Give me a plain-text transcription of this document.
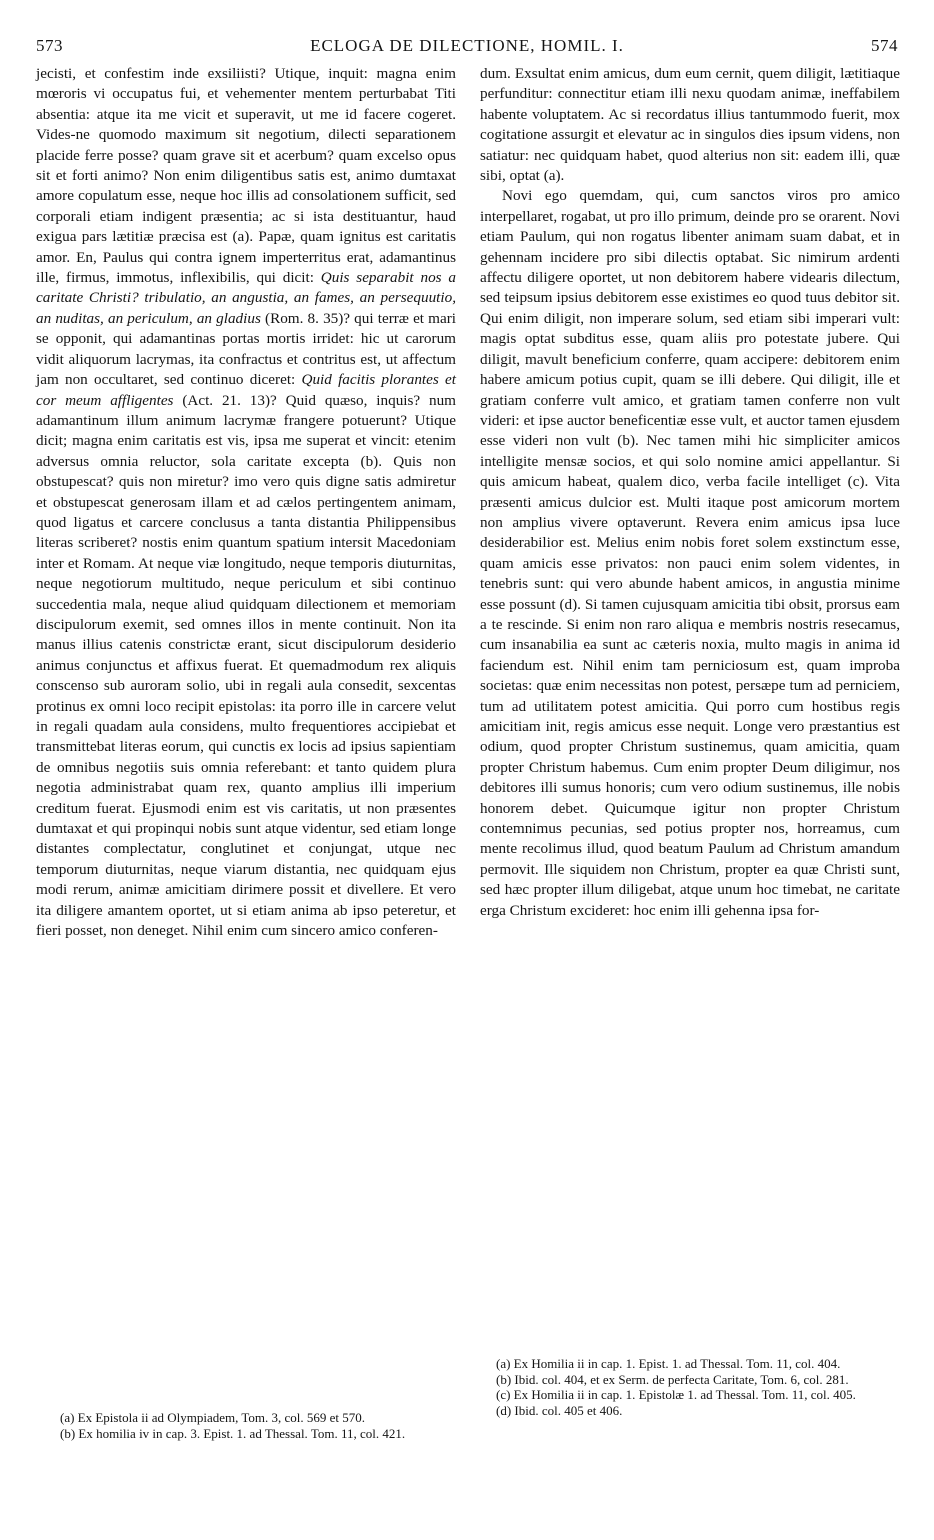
573	ECLOGA DE DILECTIONE, HOMIL. I.	574

jecisti, et confestim inde exsiliisti? Utique, inquit: magna enim mœroris vi occupatus fui, et vehementer mentem perturbabat Titi absentia: atque ita me vicit et superavit, ut me id facere cogeret. Vides-ne quomodo maximum sit negotium, dilecti separationem placide ferre posse? quam grave sit et acerbum? quam excelso opus sit et forti animo? Non enim diligentibus satis est, animo dumtaxat amore copulatum esse, neque hoc illis ad consolationem sufficit, sed corporali etiam indigent præsentia; ac si ista destituantur, haud exigua pars lætitiæ præcisa est (a). Papæ, quam ignitus est caritatis amor. En, Paulus qui contra ignem imperterritus erat, adamantinus ille, firmus, immotus, inflexibilis, qui dicit: Quis separabit nos a caritate Christi? tribulatio, an angustia, an fames, an persequutio, an nuditas, an periculum, an gladius (Rom. 8. 35)? qui terræ et mari se opponit, qui adamantinas portas mortis irridet: hic ut carorum vidit aliquorum lacrymas, ita confractus et contritus est, ut affectum jam non occultaret, sed continuo diceret: Quid facitis plorantes et cor meum affligentes (Act. 21. 13)? Quid quæso, inquis? num adamantinum illum animum lacrymæ frangere potuerunt? Utique dicit; magna enim caritatis est vis, ipsa me superat et vincit: etenim adversus omnia reluctor, sola caritate excepta (b). Quis non obstupescat? quis non miretur? imo vero quis digne satis admiretur et obstupescat generosam illam et ad cælos pertingentem animam, quod ligatus et carcere conclusus a tanta distantia Philippensibus literas scriberet? nostis enim quantum spatium intersit Macedoniam inter et Romam. At neque viæ longitudo, neque temporis diuturnitas, neque negotiorum multitudo, neque periculum et sibi continuo succedentia mala, neque aliud quidquam dilectionem et memoriam discipulorum exemit, sed omnes illos in mente continuit. Non ita manus illius catenis constrictæ erant, sicut discipulorum desiderio animus conjunctus et affixus fuerat. Et quemadmodum rex aliquis conscenso sub auroram solio, ubi in regali aula consedit, sexcentas protinus ex omni loco recipit epistolas: ita porro ille in carcere velut in regali quadam aula considens, multo frequentiores accipiebat et transmittebat literas eorum, qui cunctis ex locis ad ipsius sapientiam de omnibus negotiis suis omnia referebant: et tanto quidem plura negotia administrabat quam rex, quanto amplius illi imperium creditum fuerat. Ejusmodi enim est vis caritatis, ut non præsentes dumtaxat et qui propinqui nobis sunt atque videntur, sed etiam longe distantes complectatur, conglutinet et conjungat, utque nec temporum diuturnitas, neque viarum distantia, nec quidquam ejus modi rerum, animæ amicitiam dirimere possit et divellere. Et vero ita diligere amantem oportet, ut si etiam anima ab ipso peteretur, et fieri posset, non deneget. Nihil enim cum sincero amico conferen-

dum. Exsultat enim amicus, dum eum cernit, quem diligit, lætitiaque perfunditur: connectitur etiam illi nexu quodam animæ, ineffabilem habente voluptatem. Ac si recordatus illius tantummodo fuerit, mox cogitatione assurgit et elevatur ac in singulos dies ipsum videns, non satiatur: nec quidquam habet, quod alterius non sit: eadem illi, quæ sibi, optat (a).

Novi ego quemdam, qui, cum sanctos viros pro amico interpellaret, rogabat, ut pro illo primum, deinde pro se orarent. Novi etiam Paulum, qui non rogatus libenter animam suam dabat, et in gehennam incidere pro sibi dilectis optabat. Sic nimirum ardenti affectu diligere oportet, ut non debitorem habere videaris dilectum, sed teipsum ipsius debitorem esse existimes eo quod tuus debitor sit. Qui enim diligit, non imperare solum, sed etiam sibi imperari vult: magis optat subditus esse, quam aliis pro potestate jubere. Qui diligit, mavult beneficium conferre, quam accipere: debitorem enim habere amicum potius cupit, quam se illi debere. Qui diligit, ille et gratiam conferre vult amico, et gratiam tamen conferre non vult videri: et ipse auctor beneficentiæ esse vult, et auctor tamen ejusdem esse videri non vult (b). Nec tamen mihi hic simpliciter amicos intelligite mensæ socios, et qui solo nomine amici appellantur. Si quis amicum habeat, qualem dico, verba facile intelliget (c). Vita præsenti amicus dulcior est. Multi itaque post amicorum mortem non amplius vivere optaverunt. Revera enim amicus ipsa luce desiderabilior est. Melius enim nobis foret solem exstinctum esse, quam amicis esse privatos: non pauci enim solem videntes, in tenebris sunt: qui vero abunde habent amicos, in angustia minime esse possunt (d). Si tamen cujusquam amicitia tibi obsit, prorsus eam a te rescinde. Si enim non raro aliqua e membris nostris resecamus, cum insanabilia ea sunt ac cæteris noxia, multo magis in anima id faciendum est. Nihil enim tam perniciosum est, quam improba societas: quæ enim necessitas non potest, persæpe tum ad perniciem, tum ad utilitatem potest amicitia. Qui porro cum hostibus regis amicitiam init, regis amicus esse nequit. Longe vero præstantius est odium, quod propter Christum sustinemus, quam amicitia, quam propter Christum habemus. Cum enim propter Deum diligimur, nos debitores illi sumus honoris; cum vero odium sustinemus, ille nobis honorem debet. Quicumque igitur non propter Christum contemnimus pecunias, sed potius propter nos, horreamus, cum mente recolimus illud, quod beatum Paulum ad Christum amandum permovit. Ille siquidem non Christum, propter ea quæ Christi sunt, sed hæc propter illum diligebat, atque unum hoc timebat, ne caritate erga Christum excideret: hoc enim illi gehenna ipsa for-

(a) Ex Epistola ii ad Olympiadem, Tom. 3, col. 569 et 570.

(b) Ex homilia iv in cap. 3. Epist. 1. ad Thessal. Tom. 11, col. 421.

(a) Ex Homilia ii in cap. 1. Epist. 1. ad Thessal. Tom. 11, col. 404.

(b) Ibid. col. 404, et ex Serm. de perfecta Caritate, Tom. 6, col. 281.

(c) Ex Homilia ii in cap. 1. Epistolæ 1. ad Thessal. Tom. 11, col. 405.

(d) Ibid. col. 405 et 406.
